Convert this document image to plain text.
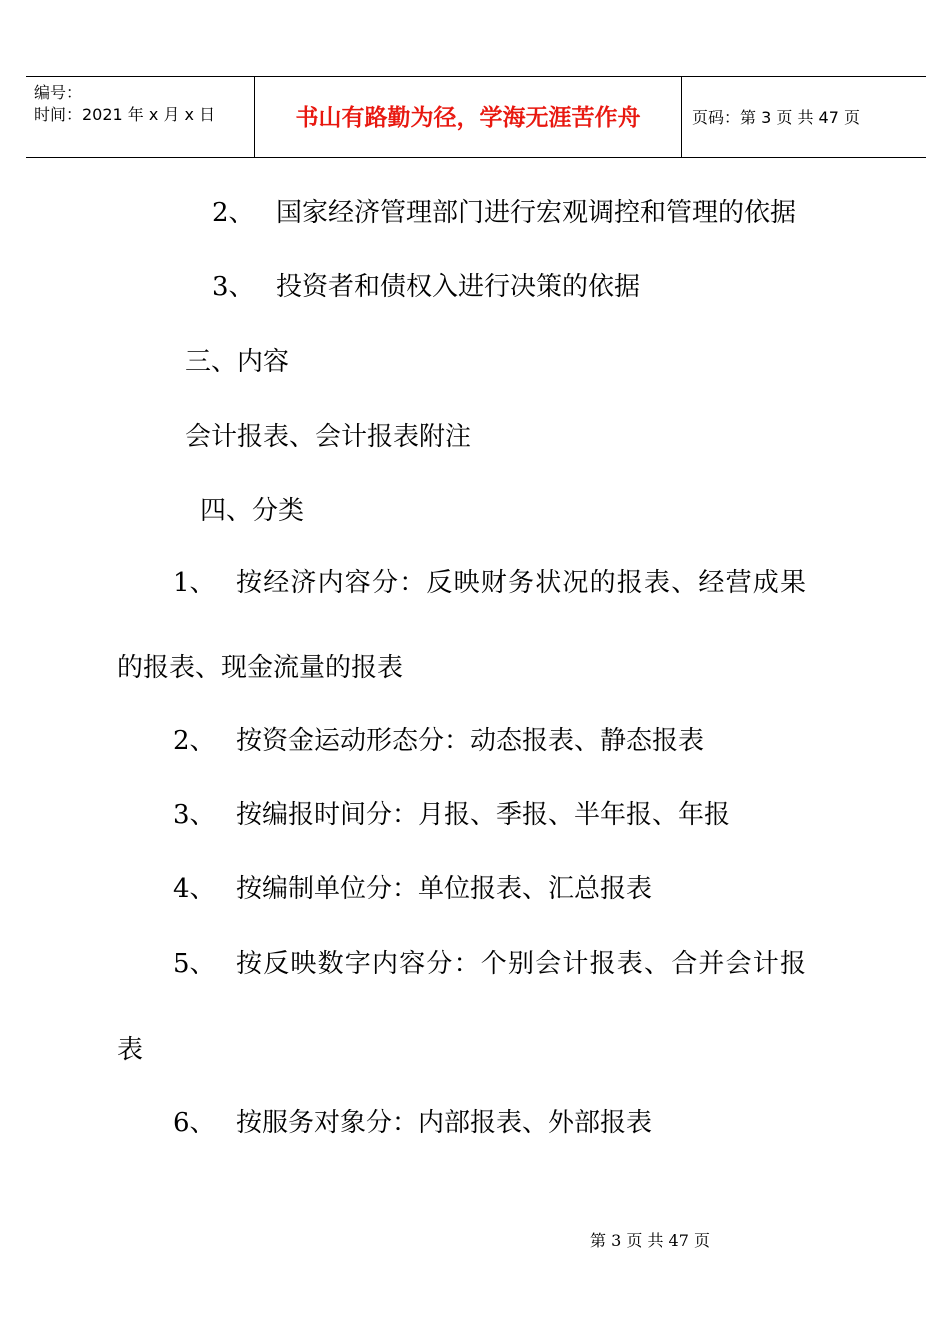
编号：
时间：2021 年 x 月 x 日	书山有路勤为径，学海无涯苦作舟	页码：第 3 页 共 47 页
2、 国家经济管理部门进行宏观调控和管理的依据
3、 投资者和债权入进行决策的依据
三、内容
会计报表、会计报表附注
四、分类
1、 按经济内容分：反映财务状况的报表、经营成果
的报表、现金流量的报表
2、 按资金运动形态分：动态报表、静态报表
3、 按编报时间分：月报、季报、半年报、年报
4、 按编制单位分：单位报表、汇总报表
5、 按反映数字内容分：个别会计报表、合并会计报
表
6、 按服务对象分：内部报表、外部报表
第 3 页 共 47 页
